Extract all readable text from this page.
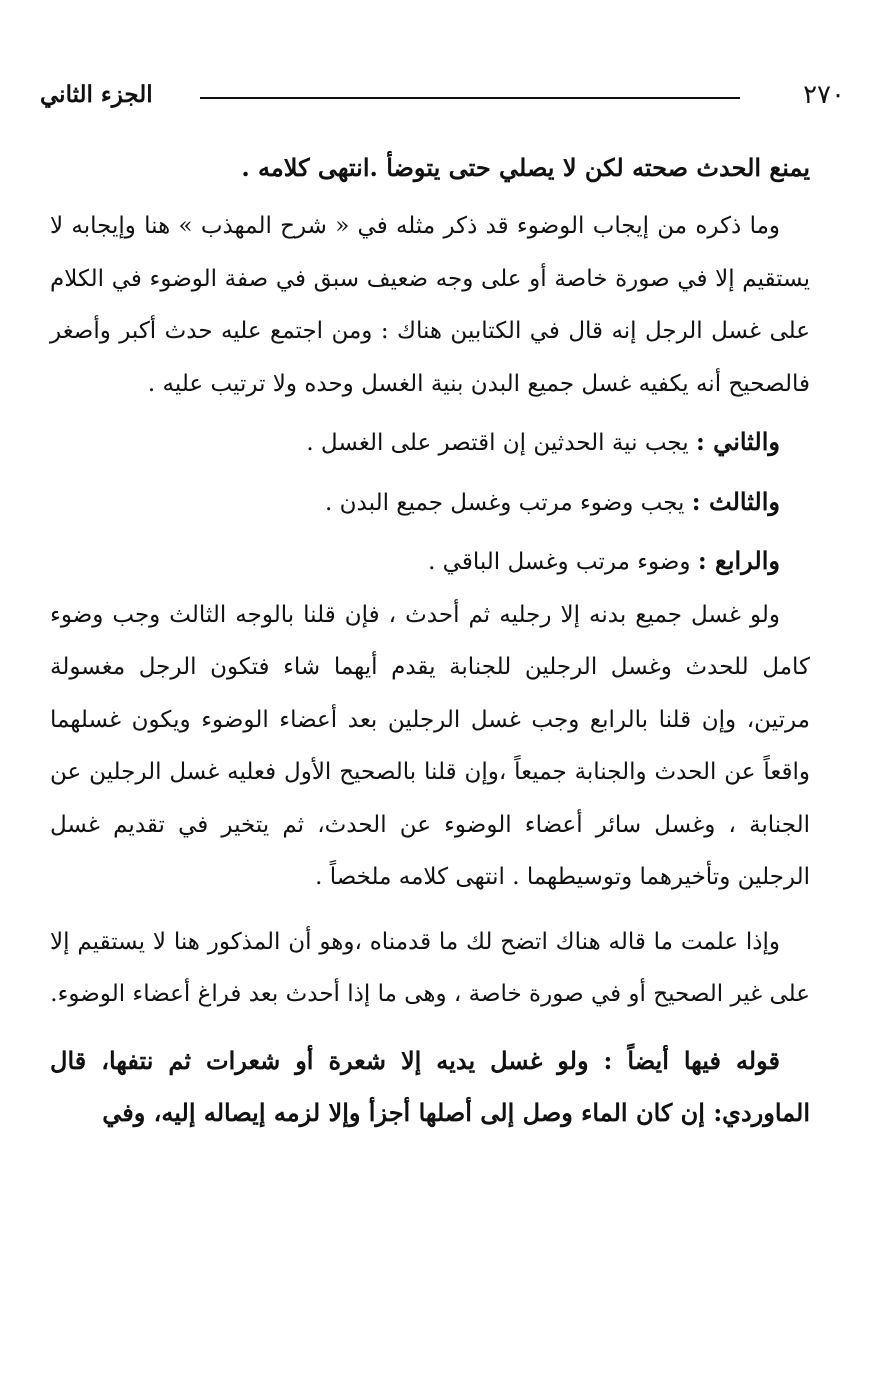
٢٧٠
الجزء الثاني

يمنع الحدث صحته لكن لا يصلي حتى يتوضأ .انتهى كلامه .

وما ذكره من إيجاب الوضوء قد ذكر مثله في « شرح المهذب » هنا وإيجابه لا يستقيم إلا في صورة خاصة أو على وجه ضعيف سبق في صفة الوضوء في الكلام على غسل الرجل إنه قال في الكتابين هناك : ومن اجتمع عليه حدث أكبر وأصغر فالصحيح أنه يكفيه غسل جميع البدن بنية الغسل وحده ولا ترتيب عليه .

والثاني : يجب نية الحدثين إن اقتصر على الغسل .

والثالث : يجب وضوء مرتب وغسل جميع البدن .

والرابع : وضوء مرتب وغسل الباقي .

ولو غسل جميع بدنه إلا رجليه ثم أحدث ، فإن قلنا بالوجه الثالث وجب وضوء كامل للحدث وغسل الرجلين للجنابة يقدم أيهما شاء فتكون الرجل مغسولة مرتين، وإن قلنا بالرابع وجب غسل الرجلين بعد أعضاء الوضوء ويكون غسلهما واقعاً عن الحدث والجنابة جميعاً ،وإن قلنا بالصحيح الأول فعليه غسل الرجلين عن الجنابة ، وغسل سائر أعضاء الوضوء عن الحدث، ثم يتخير في تقديم غسل الرجلين وتأخيرهما وتوسيطهما . انتهى كلامه ملخصاً .

وإذا علمت ما قاله هناك اتضح لك ما قدمناه ،وهو أن المذكور هنا لا يستقيم إلا على غير الصحيح أو في صورة خاصة ، وهى ما إذا أحدث بعد فراغ أعضاء الوضوء.

قوله فيها أيضاً : ولو غسل يديه إلا شعرة أو شعرات ثم نتفها، قال الماوردي: إن كان الماء وصل إلى أصلها أجزأ وإلا لزمه إيصاله إليه، وفي
